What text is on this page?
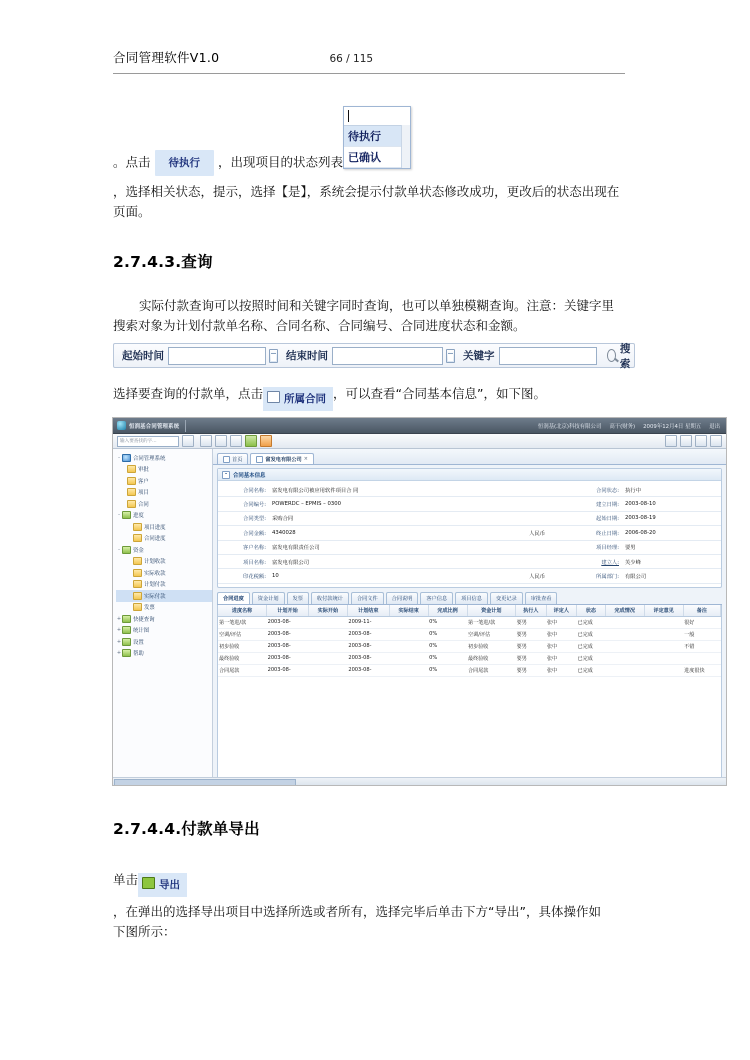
合同管理软件V1.0	66 / 115
待执行
已确认
。点击 待执行 ，出现项目的状态列表
，选择相关状态，提示，选择【是】，系统会提示付款单状态修改成功，更改后的状态出现在
页面。
2.7.4.3.查询
实际付款查询可以按照时间和关键字同时查询，也可以单独模糊查询。注意：关键字里
搜索对象为计划付款单名称、合同名称、合同编号、合同进度状态和金额。
起始时间	结束时间	关键字
搜索
选择要查询的付款单，点击 所属合同 ，可以查看“合同基本信息”，如下图。
恒润基合同管理系统	恒润基(北京)科技有限公司 高干(财务) 2009年12月4日 星期五 退出
输入要查找的字...
-	合同管理系统
审批
客户
项目
合同
-	进度
项目进度
合同进度
-	资金
计划收款
实际收款
计划付款
实际付款
发票
+ 快捷查询
+ 统计图
+ 设置
+ 帮助
首页	富发电有限公司 ×
-	合同基本信息
合同名称: 富发电有限公司被应用软件项目合 同
合同编号: POWERDC – EPMIS – 0300
合同类型: 采购合同
合同金额: 4340028	人民币
客户名称: 富发电有限责任公司
项目名称: 富发电有限公司
印花税额: 10	人民币
合同状态: 执行中
建立日期: 2003-08-10
起始日期: 2003-08-19
终止日期: 2006-08-20
项目经理: 要男
建立人: 芙少峰
所属部门: 有限公司
合同进度	资金计划	发票	收付款统计	合同文件	合同说明	客户信息	项目信息	变更记录	审批查看
进度名称	计划开始	实际开始	计划结束	实际结束	完成比例	资金计划	执行人	评定人	状态	完成情况	评定意见	备注
第一笔进/款	2003-08-		2009-11-		0%	第一笔进/款	要男	张中	已完成			很好
空调/评估	2003-08-		2003-08-		0%	空调/评估	要男	张中	已完成			一般
初步验收	2003-08-		2003-08-		0%	初步验收	要男	张中	已完成			不错
最终验收	2003-08-		2003-08-		0%	最终验收	要男	张中	已完成			
合同尾款	2003-08-		2003-08-		0%	合同尾款	要男	张中	已完成			进度很快
2.7.4.4.付款单导出
单击 导出
，在弹出的选择导出项目中选择所选或者所有，选择完毕后单击下方“导出”，具体操作如
下图所示：
